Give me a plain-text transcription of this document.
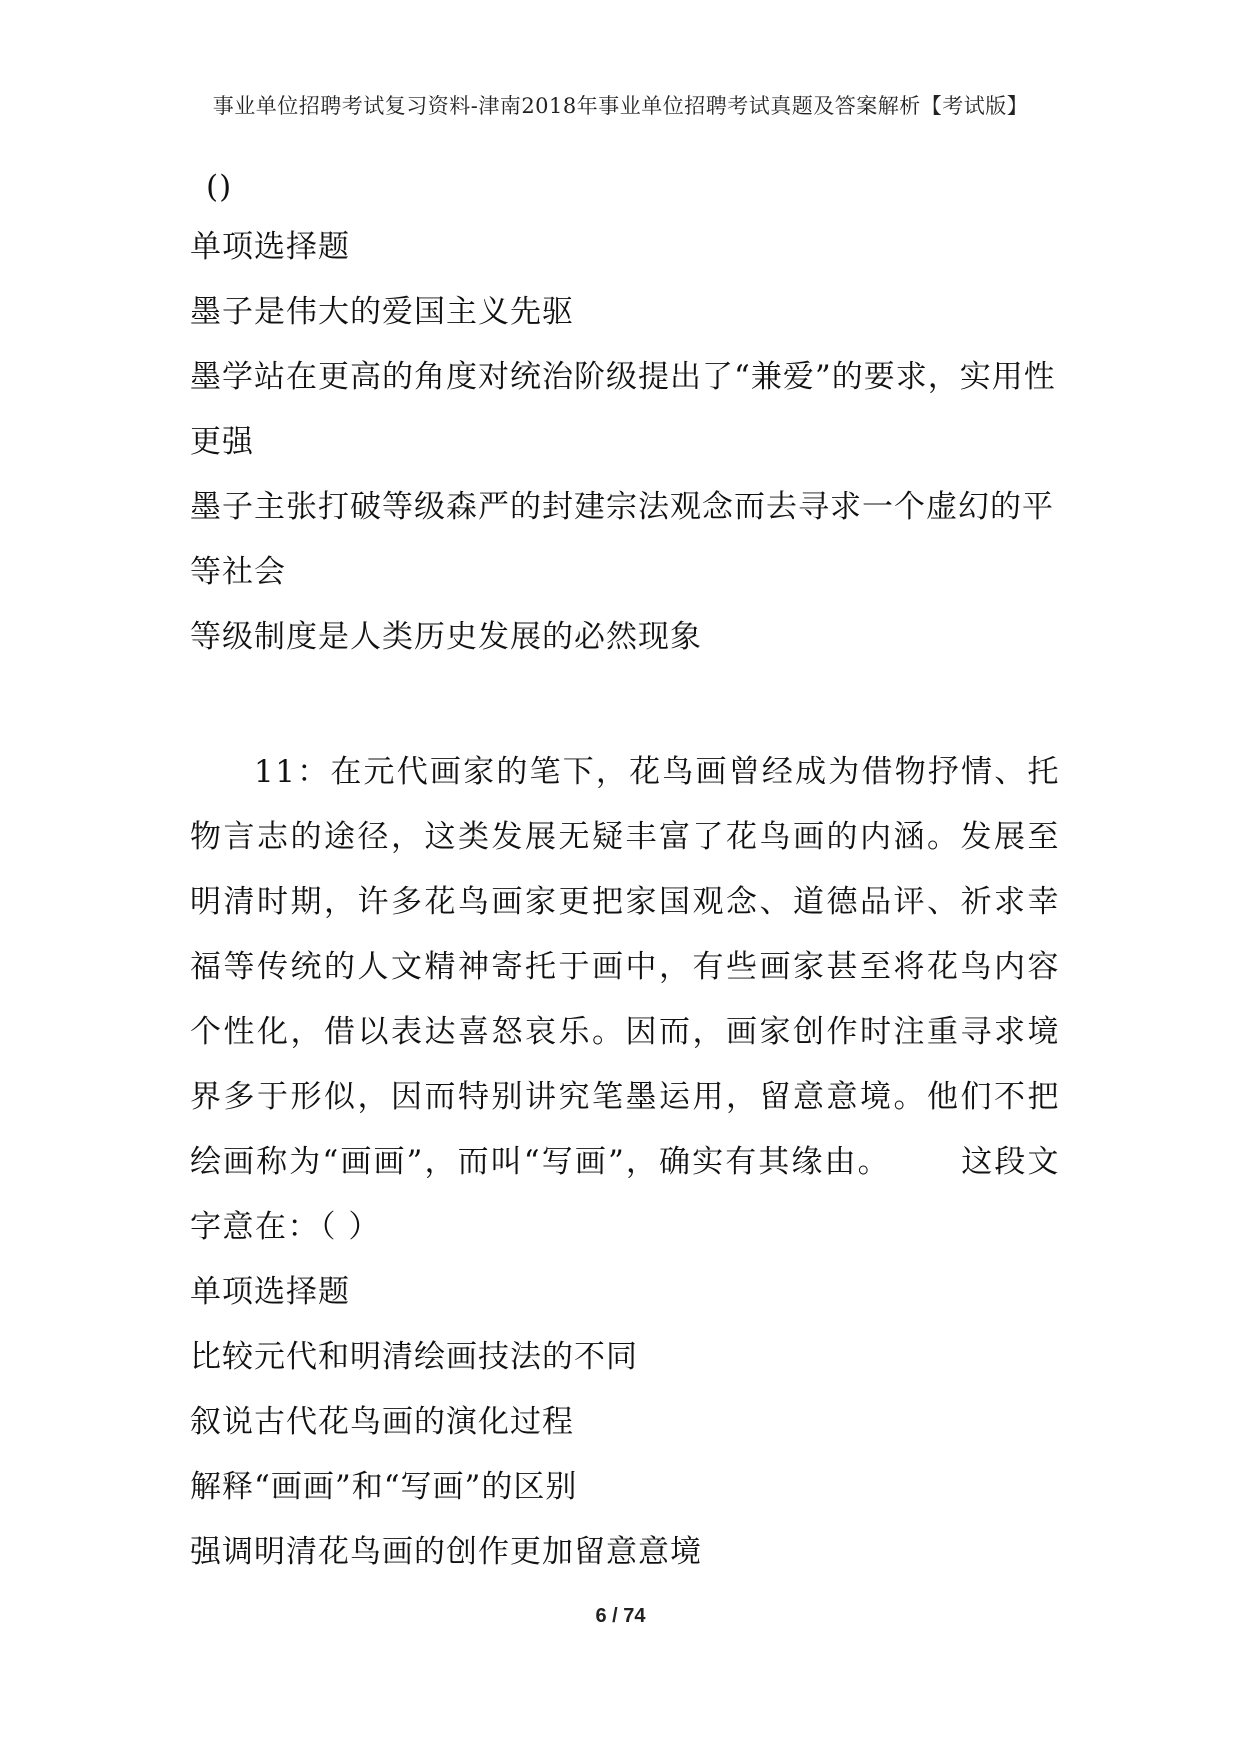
事业单位招聘考试复习资料-津南2018年事业单位招聘考试真题及答案解析【考试版】
()
单项选择题
墨子是伟大的爱国主义先驱
墨学站在更高的角度对统治阶级提出了“兼爱”的要求，实用性
更强
墨子主张打破等级森严的封建宗法观念而去寻求一个虚幻的平
等社会
等级制度是人类历史发展的必然现象
11：在元代画家的笔下，花鸟画曾经成为借物抒情、托物言志的途径，这类发展无疑丰富了花鸟画的内涵。发展至明清时期，许多花鸟画家更把家国观念、道德品评、祈求幸福等传统的人文精神寄托于画中，有些画家甚至将花鸟内容个性化，借以表达喜怒哀乐。因而，画家创作时注重寻求境界多于形似，因而特别讲究笔墨运用，留意意境。他们不把绘画称为“画画”，而叫“写画”，确实有其缘由。 这段文字意在：（ ）
单项选择题
比较元代和明清绘画技法的不同
叙说古代花鸟画的演化过程
解释“画画”和“写画”的区别
强调明清花鸟画的创作更加留意意境
6 / 74
